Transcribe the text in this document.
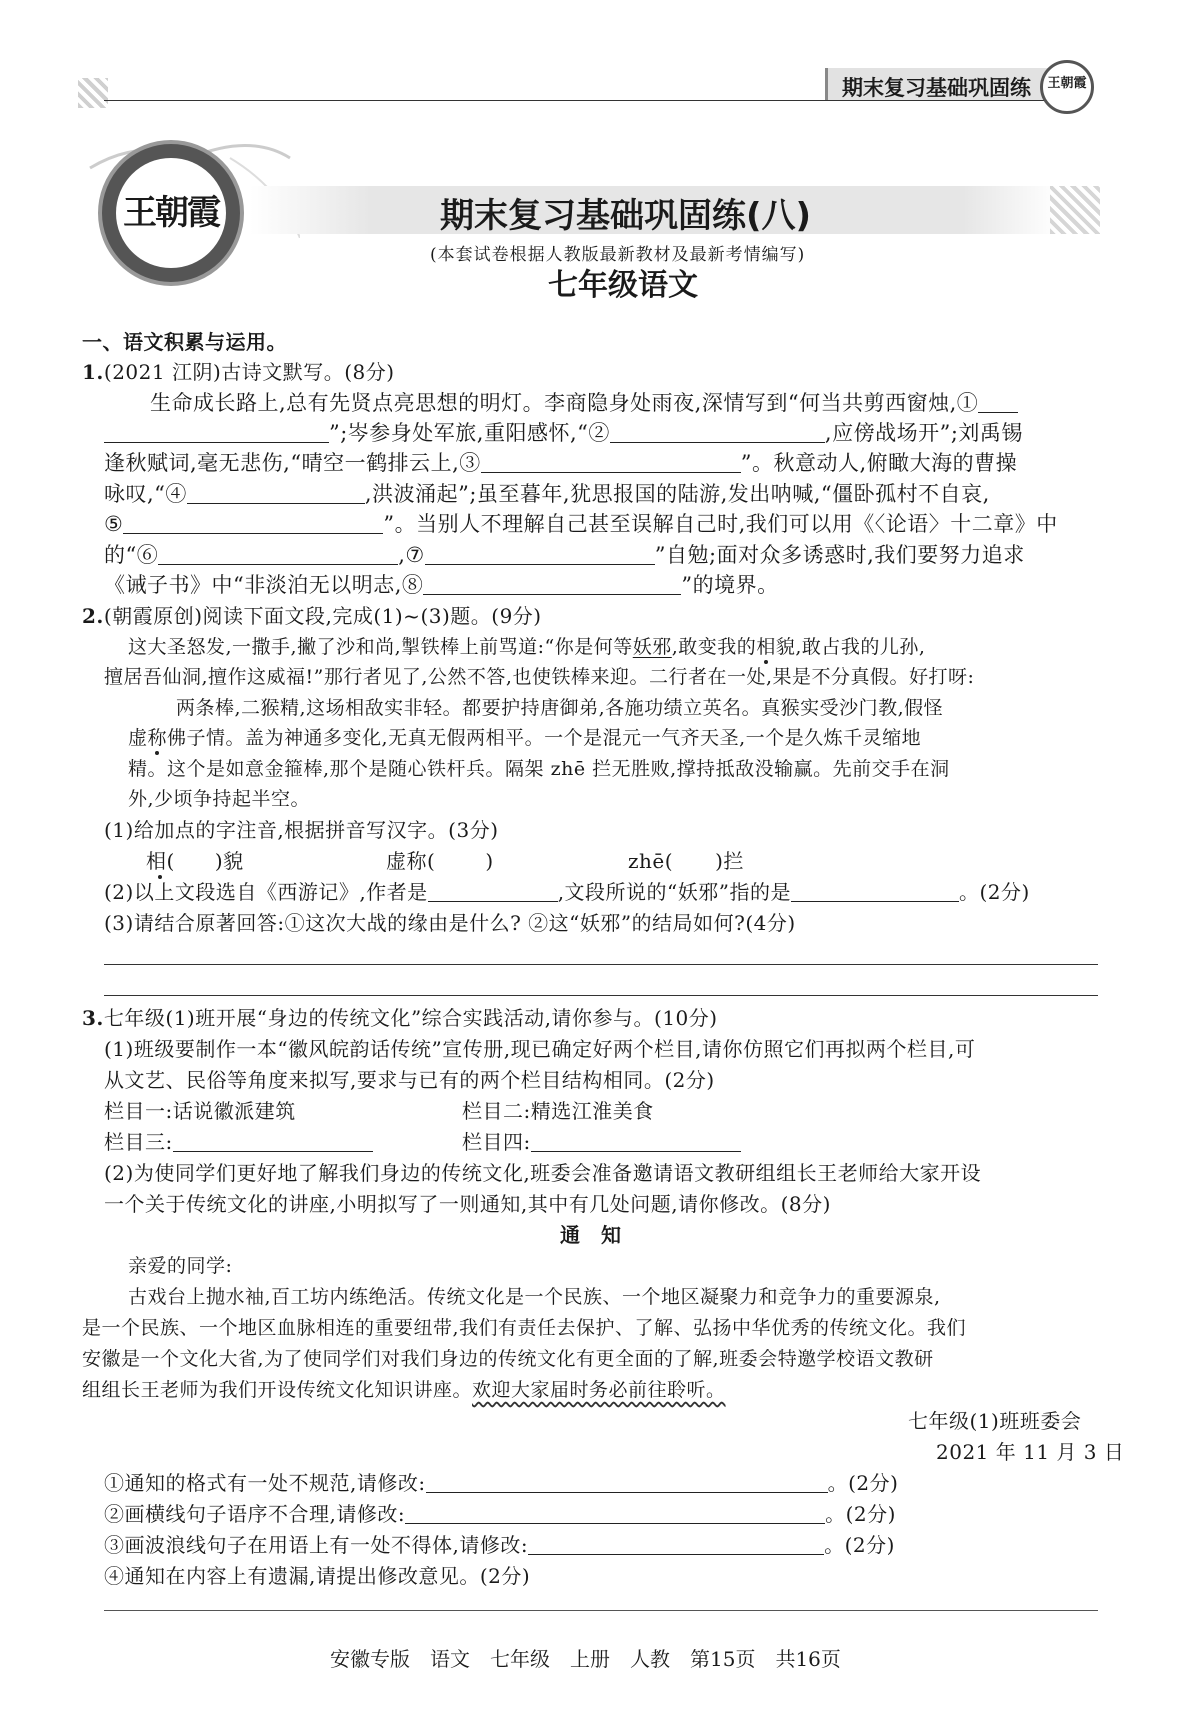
期末复习基础巩固练	王朝霞
王朝霞	期末复习基础巩固练(八)
(本套试卷根据人教版最新教材及最新考情编写)
七年级语文
一、语文积累与运用。
1.(2021 江阴)古诗文默写。(8分)
生命成长路上,总有先贤点亮思想的明灯。李商隐身处雨夜,深情写到“何当共剪西窗烛,①
”;岑参身处军旅,重阳感怀,“②	,应傍战场开”;刘禹锡
逢秋赋词,毫无悲伤,“晴空一鹤排云上,③	”。秋意动人,俯瞰大海的曹操
咏叹,“④	,洪波涌起”;虽至暮年,犹思报国的陆游,发出呐喊,“僵卧孤村不自哀,
⑤	”。当别人不理解自己甚至误解自己时,我们可以用《〈论语〉十二章》中
的“⑥	,⑦	”自勉;面对众多诱惑时,我们要努力追求
《诫子书》中“非淡泊无以明志,⑧	”的境界。
2.(朝霞原创)阅读下面文段,完成(1)~(3)题。(9分)
这大圣怒发,一撒手,撇了沙和尚,掣铁棒上前骂道:“你是何等妖邪,敢变我的相貌,敢占我的儿孙,
擅居吾仙洞,擅作这威福!”那行者见了,公然不答,也使铁棒来迎。二行者在一处,果是不分真假。好打呀:
两条棒,二猴精,这场相敌实非轻。都要护持唐御弟,各施功绩立英名。真猴实受沙门教,假怪
虚称佛子情。盖为神通多变化,无真无假两相平。一个是混元一气齐天圣,一个是久炼千灵缩地
精。这个是如意金箍棒,那个是随心铁杆兵。隔架 zhē 拦无胜败,撑持抵敌没输赢。先前交手在洞
外,少顷争持起半空。
(1)给加点的字注音,根据拼音写汉字。(3分)
相( )貌	虚称(	)	zhē( )拦
(2)以上文段选自《西游记》,作者是	,文段所说的“妖邪”指的是	。(2分)
(3)请结合原著回答:①这次大战的缘由是什么? ②这“妖邪”的结局如何?(4分)
3.七年级(1)班开展“身边的传统文化”综合实践活动,请你参与。(10分)
(1)班级要制作一本“徽风皖韵话传统”宣传册,现已确定好两个栏目,请你仿照它们再拟两个栏目,可
从文艺、民俗等角度来拟写,要求与已有的两个栏目结构相同。(2分)
栏目一:话说徽派建筑	栏目二:精选江淮美食
栏目三:	栏目四:
(2)为使同学们更好地了解我们身边的传统文化,班委会准备邀请语文教研组组长王老师给大家开设
一个关于传统文化的讲座,小明拟写了一则通知,其中有几处问题,请你修改。(8分)
通　知
亲爱的同学:
古戏台上抛水袖,百工坊内练绝活。传统文化是一个民族、一个地区凝聚力和竞争力的重要源泉,
是一个民族、一个地区血脉相连的重要纽带,我们有责任去保护、了解、弘扬中华优秀的传统文化。我们
安徽是一个文化大省,为了使同学们对我们身边的传统文化有更全面的了解,班委会特邀学校语文教研
组组长王老师为我们开设传统文化知识讲座。欢迎大家届时务必前往聆听。
七年级(1)班班委会
2021 年 11 月 3 日
①通知的格式有一处不规范,请修改:	。(2分)
②画横线句子语序不合理,请修改:	。(2分)
③画波浪线句子在用语上有一处不得体,请修改:	。(2分)
④通知在内容上有遗漏,请提出修改意见。(2分)
安徽专版　语文　七年级　上册　人教　第15页　共16页
